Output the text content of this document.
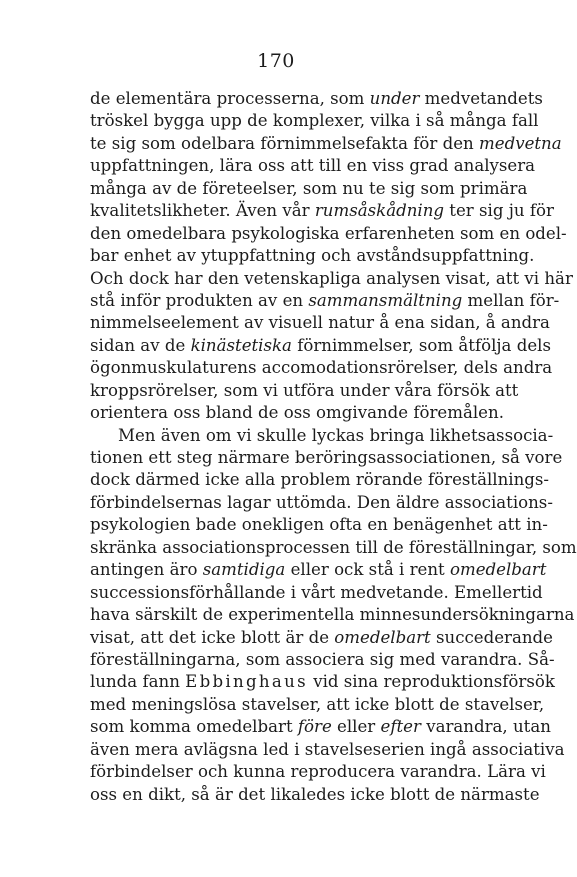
170
de elementära processerna, som under medvetandets
tröskel bygga upp de komplexer, vilka i så många fall
te sig som odelbara förnimmelsefakta för den medvetna
uppfattningen, lära oss att till en viss grad analysera
många av de företeelser, som nu te sig som primära
kvalitetslikheter. Även vår rumsåskådning ter sig ju för
den omedelbara psykologiska erfarenheten som en odel-
bar enhet av ytuppfattning och avståndsuppfattning.
Och dock har den vetenskapliga analysen visat, att vi här
stå inför produkten av en sammansmältning mellan för-
nimmelseelement av visuell natur å ena sidan, å andra
sidan av de kinästetiska förnimmelser, som åtfölja dels
ögonmuskulaturens accomodationsrörelser, dels andra
kroppsrörelser, som vi utföra under våra försök att
orientera oss bland de oss omgivande föremålen.
Men även om vi skulle lyckas bringa likhetsassocia-
tionen ett steg närmare beröringsassociationen, så vore
dock därmed icke alla problem rörande föreställnings-
förbindelsernas lagar uttömda. Den äldre associations-
psykologien bade onekligen ofta en benägenhet att in-
skränka associationsprocessen till de föreställningar, som
antingen äro samtidiga eller ock stå i rent omedelbart
successionsförhållande i vårt medvetande. Emellertid
hava särskilt de experimentella minnesundersökningarna
visat, att det icke blott är de omedelbart succederande
föreställningarna, som associera sig med varandra. Så-
lunda fann Ebbinghaus vid sina reproduktionsförsök
med meningslösa stavelser, att icke blott de stavelser,
som komma omedelbart före eller efter varandra, utan
även mera avlägsna led i stavelseserien ingå associativa
förbindelser och kunna reproducera varandra. Lära vi
oss en dikt, så är det likaledes icke blott de närmaste
